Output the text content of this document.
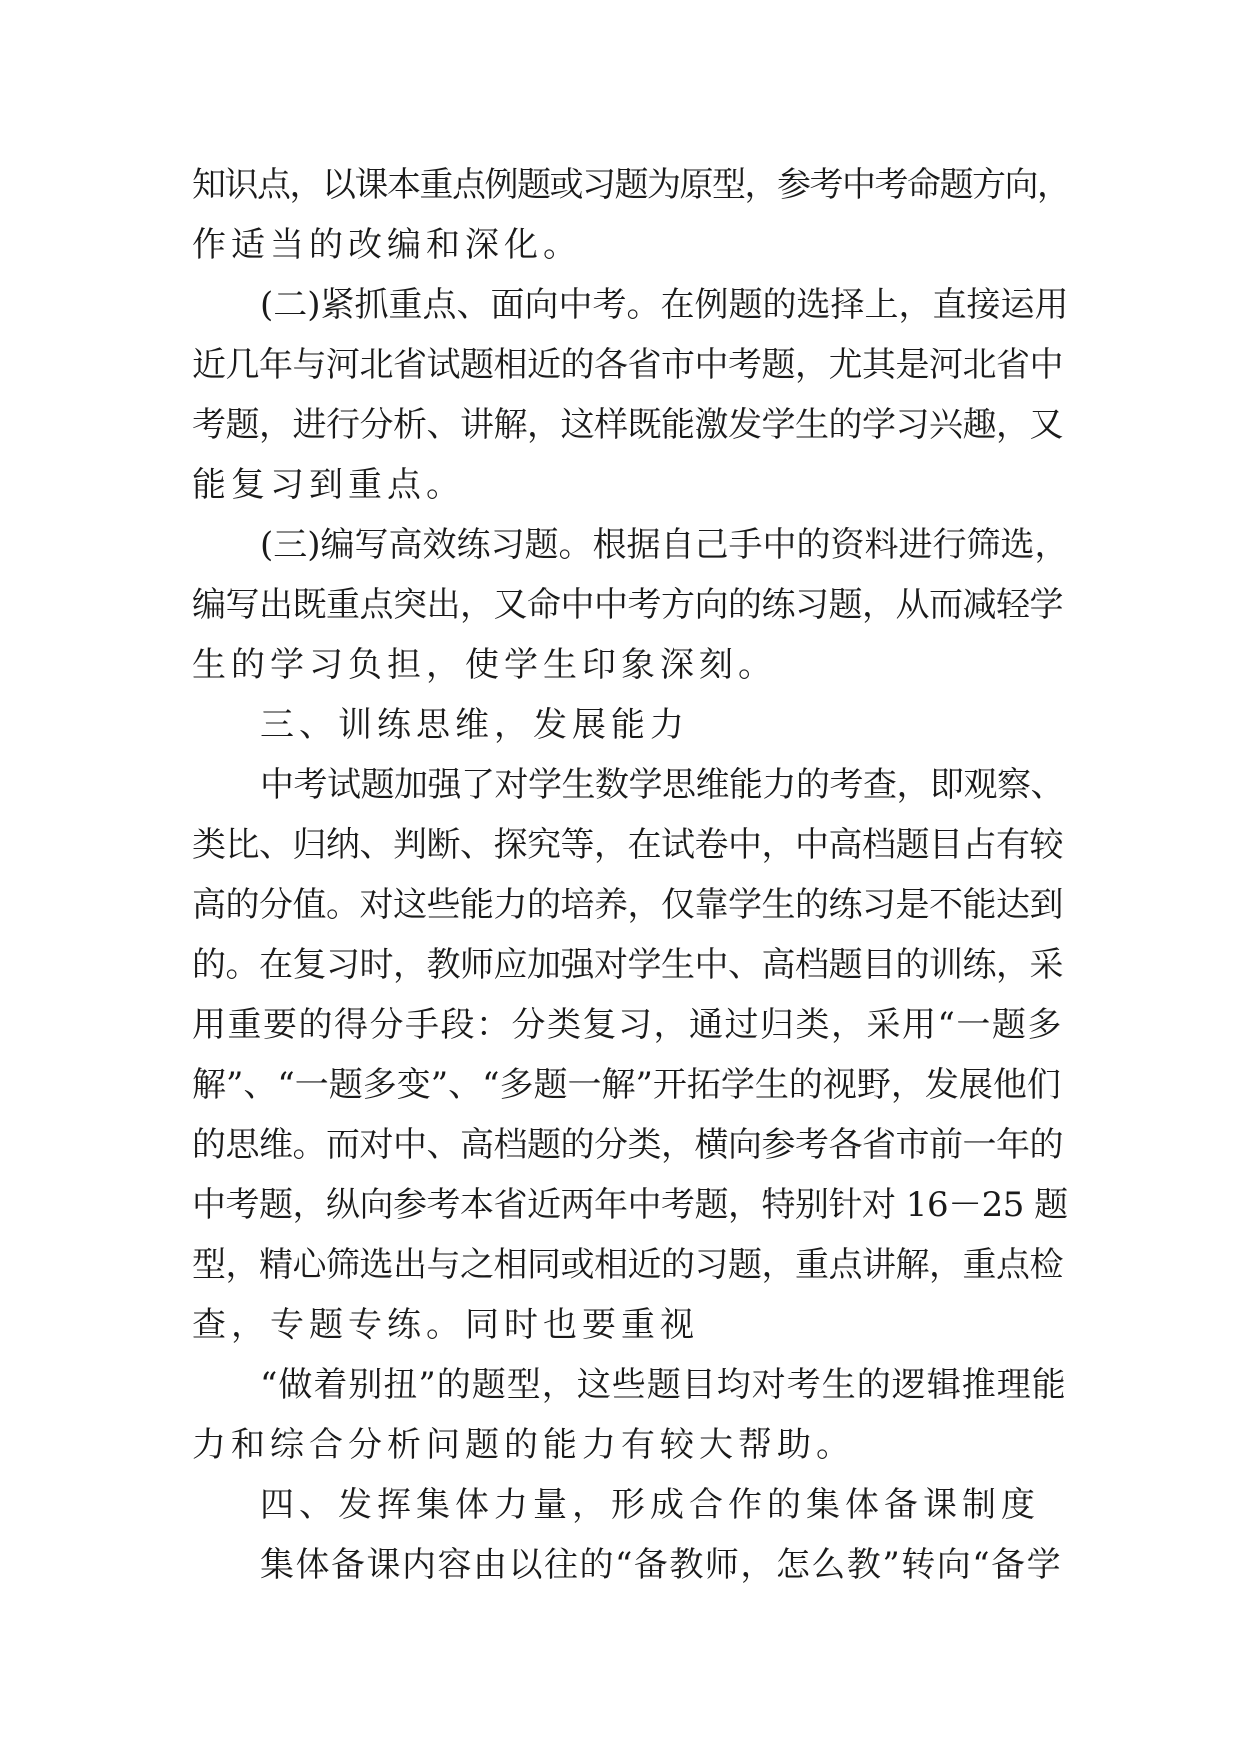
知识点，以课本重点例题或习题为原型，参考中考命题方向，
作适当的改编和深化。
(二)紧抓重点、面向中考。在例题的选择上，直接运用
近几年与河北省试题相近的各省市中考题，尤其是河北省中
考题，进行分析、讲解，这样既能激发学生的学习兴趣，又
能复习到重点。
(三)编写高效练习题。根据自己手中的资料进行筛选，
编写出既重点突出，又命中中考方向的练习题，从而减轻学
生的学习负担，使学生印象深刻。
三、训练思维，发展能力
中考试题加强了对学生数学思维能力的考查，即观察、
类比、归纳、判断、探究等，在试卷中，中高档题目占有较
高的分值。对这些能力的培养，仅靠学生的练习是不能达到
的。在复习时，教师应加强对学生中、高档题目的训练，采
用重要的得分手段：分类复习，通过归类，采用“一题多
解”、“一题多变”、“多题一解”开拓学生的视野，发展他们
的思维。而对中、高档题的分类，横向参考各省市前一年的
中考题，纵向参考本省近两年中考题，特别针对 16－25 题
型，精心筛选出与之相同或相近的习题，重点讲解，重点检
查，专题专练。同时也要重视
“做着别扭”的题型，这些题目均对考生的逻辑推理能
力和综合分析问题的能力有较大帮助。
四、发挥集体力量，形成合作的集体备课制度
集体备课内容由以往的“备教师，怎么教”转向“备学
